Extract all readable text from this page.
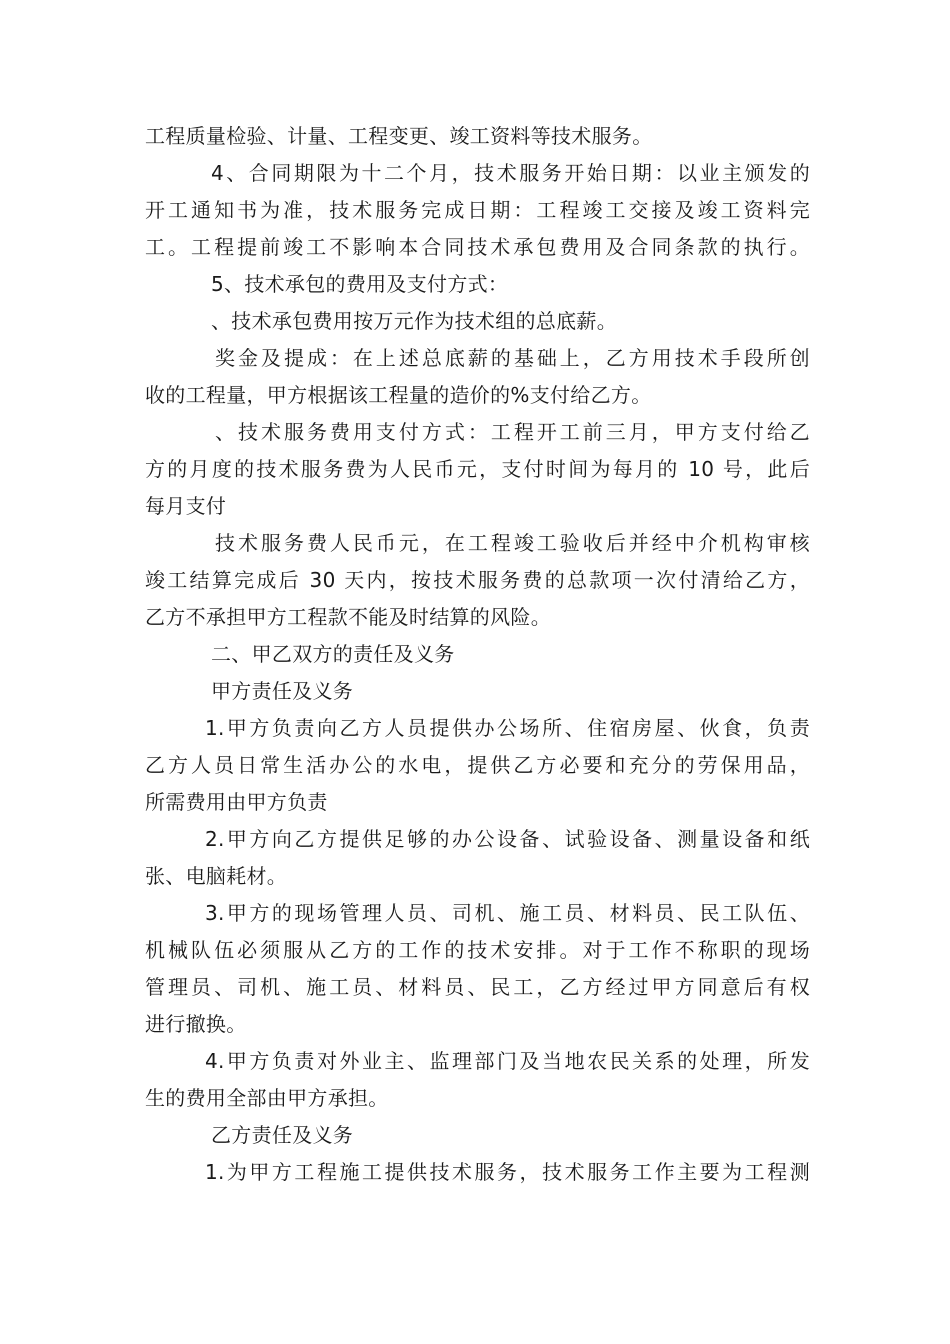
工程质量检验、计量、工程变更、竣工资料等技术服务。
4、合同期限为十二个月，技术服务开始日期：以业主颁发的
开工通知书为准，技术服务完成日期：工程竣工交接及竣工资料完
工。工程提前竣工不影响本合同技术承包费用及合同条款的执行。
5、技术承包的费用及支付方式：
、技术承包费用按万元作为技术组的总底薪。
奖金及提成：在上述总底薪的基础上，乙方用技术手段所创
收的工程量，甲方根据该工程量的造价的%支付给乙方。
、技术服务费用支付方式：工程开工前三月，甲方支付给乙
方的月度的技术服务费为人民币元，支付时间为每月的 10 号，此后
每月支付
技术服务费人民币元，在工程竣工验收后并经中介机构审核
竣工结算完成后 30 天内，按技术服务费的总款项一次付清给乙方，
乙方不承担甲方工程款不能及时结算的风险。
二、甲乙双方的责任及义务
甲方责任及义务
1.甲方负责向乙方人员提供办公场所、住宿房屋、伙食，负责
乙方人员日常生活办公的水电，提供乙方必要和充分的劳保用品，
所需费用由甲方负责
2.甲方向乙方提供足够的办公设备、试验设备、测量设备和纸
张、电脑耗材。
3.甲方的现场管理人员、司机、施工员、材料员、民工队伍、
机械队伍必须服从乙方的工作的技术安排。对于工作不称职的现场
管理员、司机、施工员、材料员、民工，乙方经过甲方同意后有权
进行撤换。
4.甲方负责对外业主、监理部门及当地农民关系的处理，所发
生的费用全部由甲方承担。
乙方责任及义务
1.为甲方工程施工提供技术服务，技术服务工作主要为工程测
